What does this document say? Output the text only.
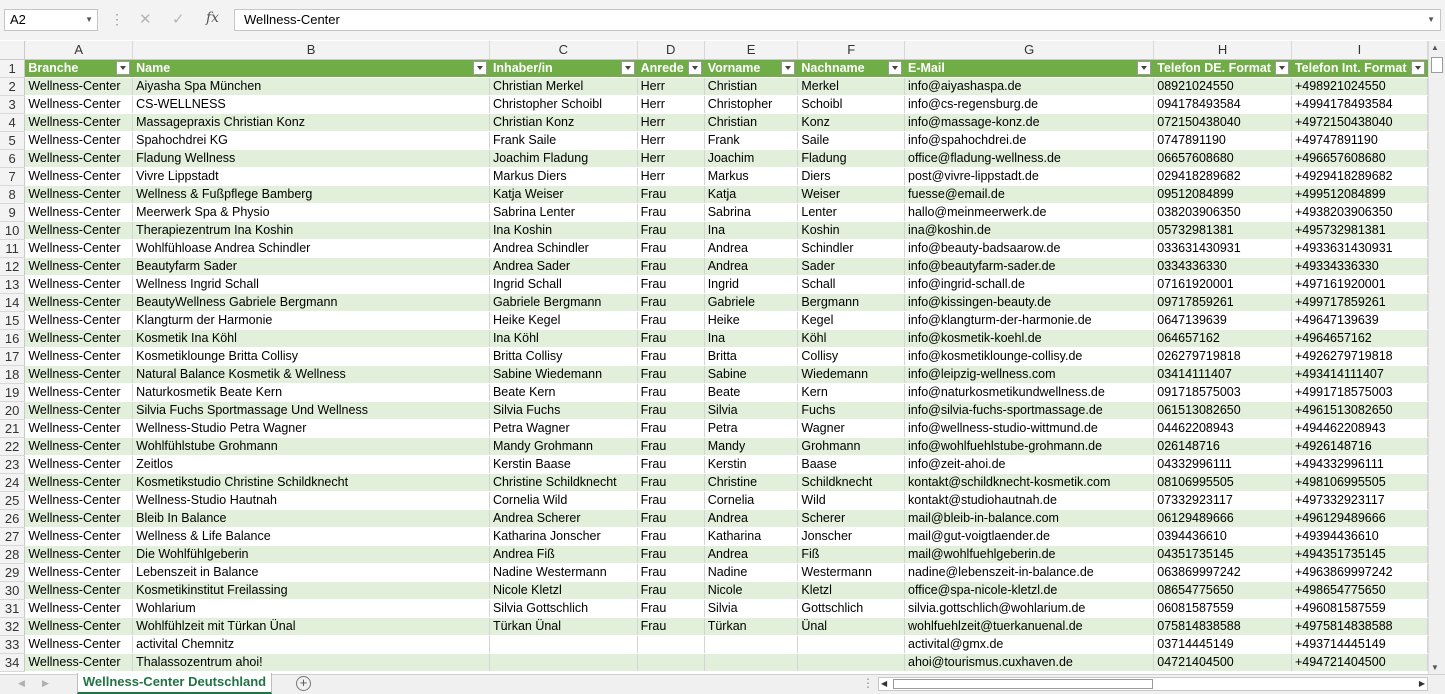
A2	▼ ⋮ ✕ ✓ fx	Wellness-Center	▼
	A	B	C	D	E	F	G	H	I
1	Branche	Name	Inhaber/in	Anrede	Vorname	Nachname	E-Mail	Telefon DE. Format	Telefon Int. Format

2	Wellness-Center	Aiyasha Spa München	Christian Merkel	Herr	Christian	Merkel	info@aiyashaspa.de	08921024550	+498921024550
3	Wellness-Center	CS-WELLNESS	Christopher Schoibl	Herr	Christopher	Schoibl	info@cs-regensburg.de	094178493584	+4994178493584
4	Wellness-Center	Massagepraxis Christian Konz	Christian Konz	Herr	Christian	Konz	info@massage-konz.de	072150438040	+4972150438040
5	Wellness-Center	Spahochdrei KG	Frank Saile	Herr	Frank	Saile	info@spahochdrei.de	0747891190	+49747891190
6	Wellness-Center	Fladung Wellness	Joachim Fladung	Herr	Joachim	Fladung	office@fladung-wellness.de	06657608680	+496657608680
7	Wellness-Center	Vivre Lippstadt	Markus Diers	Herr	Markus	Diers	post@vivre-lippstadt.de	029418289682	+4929418289682
8	Wellness-Center	Wellness & Fußpflege Bamberg	Katja Weiser	Frau	Katja	Weiser	fuesse@email.de	09512084899	+499512084899
9	Wellness-Center	Meerwerk Spa & Physio	Sabrina Lenter	Frau	Sabrina	Lenter	hallo@meinmeerwerk.de	038203906350	+4938203906350
10	Wellness-Center	Therapiezentrum Ina Koshin	Ina Koshin	Frau	Ina	Koshin	ina@koshin.de	05732981381	+495732981381
11	Wellness-Center	Wohlfühloase Andrea Schindler	Andrea Schindler	Frau	Andrea	Schindler	info@beauty-badsaarow.de	033631430931	+4933631430931
12	Wellness-Center	Beautyfarm Sader	Andrea Sader	Frau	Andrea	Sader	info@beautyfarm-sader.de	0334336330	+49334336330
13	Wellness-Center	Wellness Ingrid Schall	Ingrid Schall	Frau	Ingrid	Schall	info@ingrid-schall.de	07161920001	+497161920001
14	Wellness-Center	BeautyWellness Gabriele Bergmann	Gabriele Bergmann	Frau	Gabriele	Bergmann	info@kissingen-beauty.de	09717859261	+499717859261
15	Wellness-Center	Klangturm der Harmonie	Heike Kegel	Frau	Heike	Kegel	info@klangturm-der-harmonie.de	0647139639	+49647139639
16	Wellness-Center	Kosmetik Ina Köhl	Ina Köhl	Frau	Ina	Köhl	info@kosmetik-koehl.de	064657162	+4964657162
17	Wellness-Center	Kosmetiklounge Britta Collisy	Britta Collisy	Frau	Britta	Collisy	info@kosmetiklounge-collisy.de	026279719818	+4926279719818
18	Wellness-Center	Natural Balance Kosmetik & Wellness	Sabine Wiedemann	Frau	Sabine	Wiedemann	info@leipzig-wellness.com	03414111407	+493414111407
19	Wellness-Center	Naturkosmetik Beate Kern	Beate Kern	Frau	Beate	Kern	info@naturkosmetikundwellness.de	091718575003	+4991718575003
20	Wellness-Center	Silvia Fuchs Sportmassage Und Wellness	Silvia Fuchs	Frau	Silvia	Fuchs	info@silvia-fuchs-sportmassage.de	061513082650	+4961513082650
21	Wellness-Center	Wellness-Studio Petra Wagner	Petra Wagner	Frau	Petra	Wagner	info@wellness-studio-wittmund.de	04462208943	+494462208943
22	Wellness-Center	Wohlfühlstube Grohmann	Mandy Grohmann	Frau	Mandy	Grohmann	info@wohlfuehlstube-grohmann.de	026148716	+4926148716
23	Wellness-Center	Zeitlos	Kerstin Baase	Frau	Kerstin	Baase	info@zeit-ahoi.de	04332996111	+494332996111
24	Wellness-Center	Kosmetikstudio Christine Schildknecht	Christine Schildknecht	Frau	Christine	Schildknecht	kontakt@schildknecht-kosmetik.com	08106995505	+498106995505
25	Wellness-Center	Wellness-Studio Hautnah	Cornelia Wild	Frau	Cornelia	Wild	kontakt@studiohautnah.de	07332923117	+497332923117
26	Wellness-Center	Bleib In Balance	Andrea Scherer	Frau	Andrea	Scherer	mail@bleib-in-balance.com	06129489666	+496129489666
27	Wellness-Center	Wellness & Life Balance	Katharina Jonscher	Frau	Katharina	Jonscher	mail@gut-voigtlaender.de	0394436610	+49394436610
28	Wellness-Center	Die Wohlfühlgeberin	Andrea Fiß	Frau	Andrea	Fiß	mail@wohlfuehlgeberin.de	04351735145	+494351735145
29	Wellness-Center	Lebenszeit in Balance	Nadine Westermann	Frau	Nadine	Westermann	nadine@lebenszeit-in-balance.de	063869997242	+4963869997242
30	Wellness-Center	Kosmetikinstitut Freilassing	Nicole Kletzl	Frau	Nicole	Kletzl	office@spa-nicole-kletzl.de	08654775650	+498654775650
31	Wellness-Center	Wohlarium	Silvia Gottschlich	Frau	Silvia	Gottschlich	silvia.gottschlich@wohlarium.de	06081587559	+496081587559
32	Wellness-Center	Wohlfühlzeit mit Türkan Ünal	Türkan Ünal	Frau	Türkan	Ünal	wohlfuehlzeit@tuerkanuenal.de	075814838588	+4975814838588
33	Wellness-Center	activital Chemnitz					activital@gmx.de	03714445149	+493714445149
34	Wellness-Center	Thalassozentrum ahoi!					ahoi@tourismus.cuxhaven.de	04721404500	+494721404500
▲
▼
◀ ▶	Wellness-Center Deutschland	+	⋮ ◀	▶
